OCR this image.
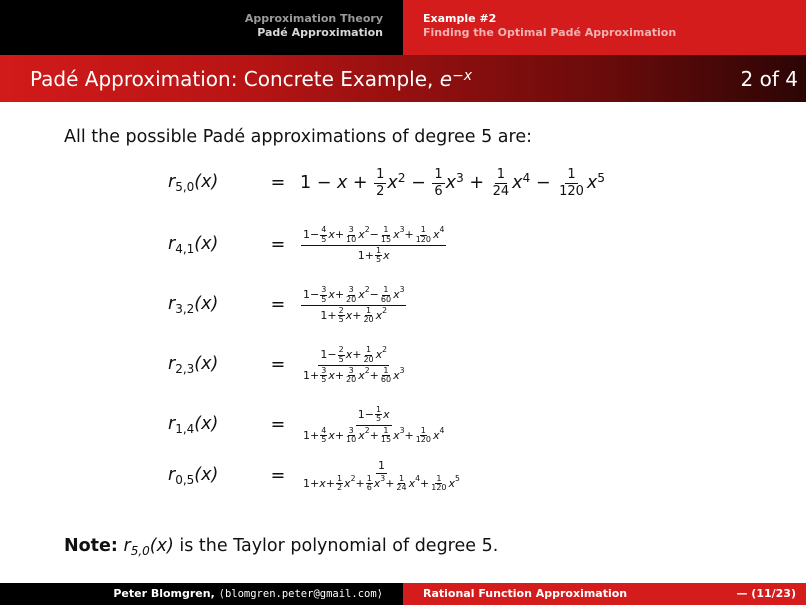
Approximation Theory
Padé Approximation
Example #2
Finding the Optimal Padé Approximation
Padé Approximation: Concrete Example, $e^{-x}$	2 of 4
All the possible Padé approximations of degree 5 are:
$r_{5,0}(x)$	= $1 - x + \frac{1}{2} x^2 - \frac{1}{6} x^3 + \frac{1}{24} x^4 - \frac{1}{120} x^5$
$r_{4,1}(x)$	=	$\frac{1- \frac{4}{5} x+ \frac{3}{10} x^2- \frac{1}{15} x^3+ \frac{1}{120} x^4}{1+ \frac{1}{5} x}$
$r_{3,2}(x)$	=	$\frac{1- \frac{3}{5} x+ \frac{3}{20} x^2- \frac{1}{60} x^3}{1+ \frac{2}{5} x+ \frac{1}{20} x^2}$
$r_{2,3}(x)$	=	$\frac{1- \frac{2}{5} x+ \frac{1}{20} x^2}{1+ \frac{3}{5} x+ \frac{3}{20} x^2+ \frac{1}{60} x^3}$
$r_{1,4}(x)$	=	$\frac{1- \frac{1}{5} x}{1+ \frac{4}{5} x+ \frac{3}{10} x^2+ \frac{1}{15} x^3+ \frac{1}{120} x^4}$
$r_{0,5}(x)$	=	$\frac{1}{1+x+ \frac{1}{2} x^2+ \frac{1}{6} x^3+ \frac{1}{24} x^4+ \frac{1}{120} x^5}$
Note: $r_{5,0}(x)$ is the Taylor polynomial of degree 5.
Peter Blomgren, ⟨blomgren.peter@gmail.com⟩	Rational Function Approximation	— (11/23)
